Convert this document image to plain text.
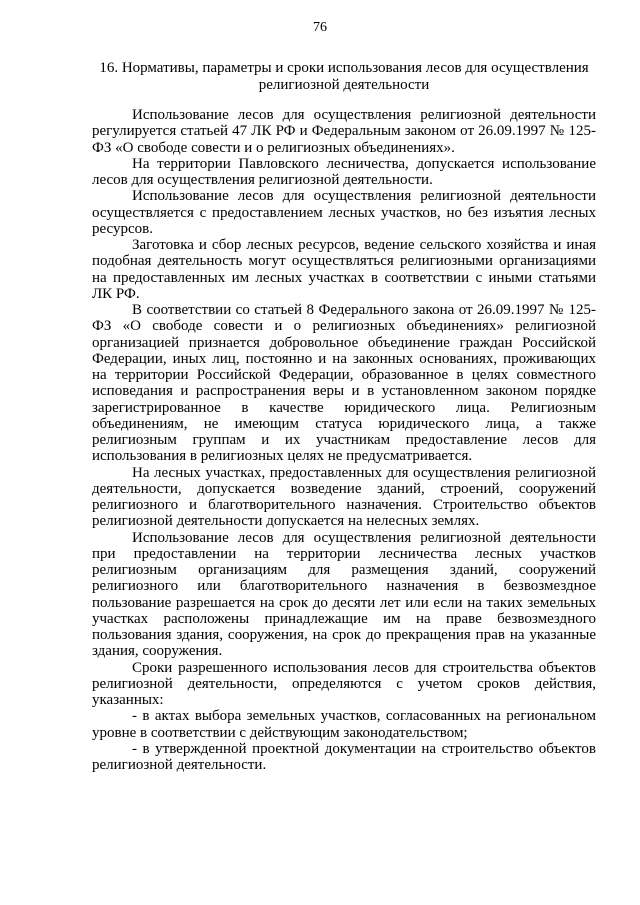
76
16. Нормативы, параметры и сроки использования лесов для осуществления религиозной деятельности

Использование лесов для осуществления религиозной деятельности регулируется статьей 47 ЛК РФ и Федеральным законом от 26.09.1997 № 125-ФЗ «О свободе совести и о религиозных объединениях».

На территории Павловского лесничества, допускается использование лесов для осуществления религиозной деятельности.

Использование лесов для осуществления религиозной деятельности осуществляется с предоставлением лесных участков, но без изъятия лесных ресурсов.

Заготовка и сбор лесных ресурсов, ведение сельского хозяйства и иная подобная деятельность могут осуществляться религиозными организациями на предоставленных им лесных участках в соответствии с иными статьями ЛК РФ.

В соответствии со статьей 8 Федерального закона от 26.09.1997 № 125-ФЗ «О свободе совести и о религиозных объединениях» религиозной организацией признается добровольное объединение граждан Российской Федерации, иных лиц, постоянно и на законных основаниях, проживающих на территории Российской Федерации, образованное в целях совместного исповедания и распространения веры и в установленном законом порядке зарегистрированное в качестве юридического лица. Религиозным объединениям, не имеющим статуса юридического лица, а также религиозным группам и их участникам предоставление лесов для использования в религиозных целях не предусматривается.

На лесных участках, предоставленных для осуществления религиозной деятельности, допускается возведение зданий, строений, сооружений религиозного и благотворительного назначения. Строительство объектов религиозной деятельности допускается на нелесных землях.

Использование лесов для осуществления религиозной деятельности при предоставлении на территории лесничества лесных участков религиозным организациям для размещения зданий, сооружений религиозного или благотворительного назначения в безвозмездное пользование разрешается на срок до десяти лет или если на таких земельных участках расположены принадлежащие им на праве безвозмездного пользования здания, сооружения, на срок до прекращения прав на указанные здания, сооружения.

Сроки разрешенного использования лесов для строительства объектов религиозной деятельности, определяются с учетом сроков действия, указанных:

- в актах выбора земельных участков, согласованных на региональном уровне в соответствии с действующим законодательством;

- в утвержденной проектной документации на строительство объектов религиозной деятельности.
